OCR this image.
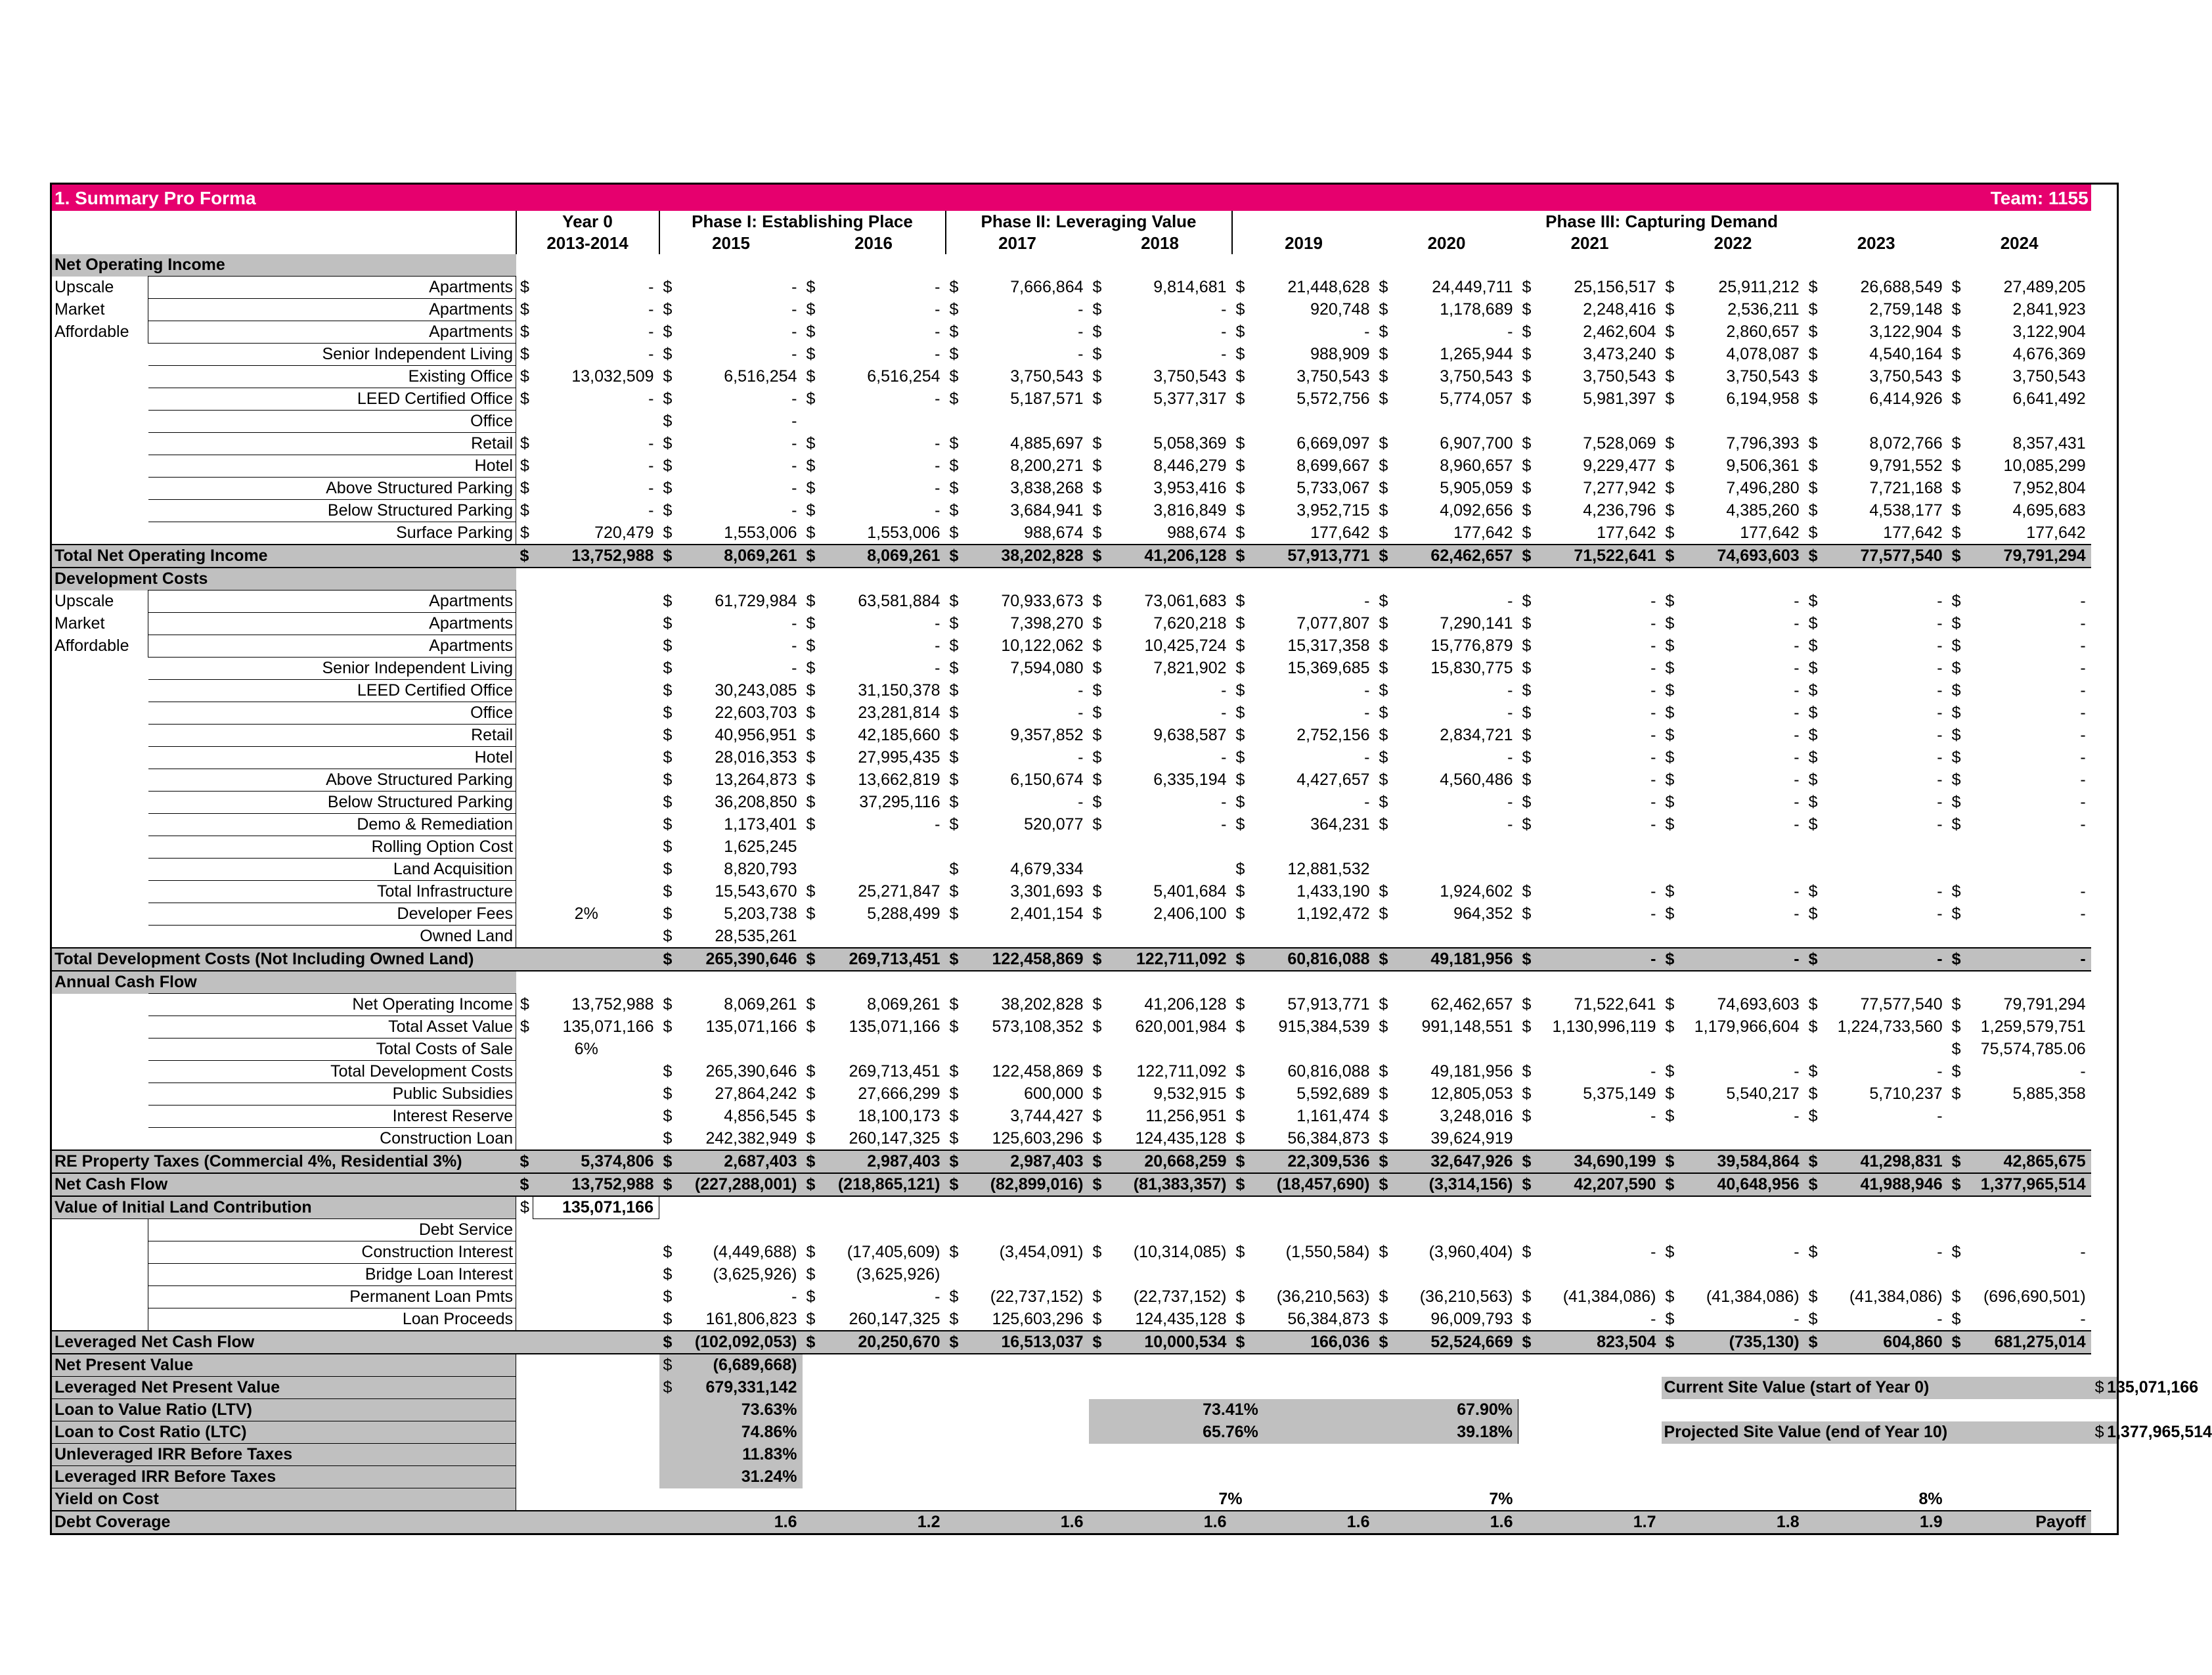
1. Summary Pro Forma																				Team: 1155					
		Year 0		Phase I: Establishing Place				Phase II: Leveraging Value				Phase III: Capturing Demand													
		2013-2014		2015		2016		2017		2018		2019		2020		2021		2022		2023		2024			
Net Operating Income																									
Upscale	Apartments	$	-	$	-	$	-	$	7,666,864	$	9,814,681	$	21,448,628	$	24,449,711	$	25,156,517	$	25,911,212	$	26,688,549	$	27,489,205		
Market	Apartments	$	-	$	-	$	-	$	-	$	-	$	920,748	$	1,178,689	$	2,248,416	$	2,536,211	$	2,759,148	$	2,841,923		
Affordable	Apartments	$	-	$	-	$	-	$	-	$	-	$	-	$	-	$	2,462,604	$	2,860,657	$	3,122,904	$	3,122,904		
	Senior Independent Living	$	-	$	-	$	-	$	-	$	-	$	988,909	$	1,265,944	$	3,473,240	$	4,078,087	$	4,540,164	$	4,676,369		
	Existing Office	$	13,032,509	$	6,516,254	$	6,516,254	$	3,750,543	$	3,750,543	$	3,750,543	$	3,750,543	$	3,750,543	$	3,750,543	$	3,750,543	$	3,750,543		
	LEED Certified Office	$	-	$	-	$	-	$	5,187,571	$	5,377,317	$	5,572,756	$	5,774,057	$	5,981,397	$	6,194,958	$	6,414,926	$	6,641,492		
	Office			$	-																				
	Retail	$	-	$	-	$	-	$	4,885,697	$	5,058,369	$	6,669,097	$	6,907,700	$	7,528,069	$	7,796,393	$	8,072,766	$	8,357,431		
	Hotel	$	-	$	-	$	-	$	8,200,271	$	8,446,279	$	8,699,667	$	8,960,657	$	9,229,477	$	9,506,361	$	9,791,552	$	10,085,299		
	Above Structured Parking	$	-	$	-	$	-	$	3,838,268	$	3,953,416	$	5,733,067	$	5,905,059	$	7,277,942	$	7,496,280	$	7,721,168	$	7,952,804		
	Below Structured Parking	$	-	$	-	$	-	$	3,684,941	$	3,816,849	$	3,952,715	$	4,092,656	$	4,236,796	$	4,385,260	$	4,538,177	$	4,695,683		
	Surface Parking	$	720,479	$	1,553,006	$	1,553,006	$	988,674	$	988,674	$	177,642	$	177,642	$	177,642	$	177,642	$	177,642	$	177,642		
Total Net Operating Income		$	13,752,988	$	8,069,261	$	8,069,261	$	38,202,828	$	41,206,128	$	57,913,771	$	62,462,657	$	71,522,641	$	74,693,603	$	77,577,540	$	79,791,294		
Development Costs																									
Upscale	Apartments			$	61,729,984	$	63,581,884	$	70,933,673	$	73,061,683	$	-	$	-	$	-	$	-	$	-	$	-		
Market	Apartments			$	-	$	-	$	7,398,270	$	7,620,218	$	7,077,807	$	7,290,141	$	-	$	-	$	-	$	-		
Affordable	Apartments			$	-	$	-	$	10,122,062	$	10,425,724	$	15,317,358	$	15,776,879	$	-	$	-	$	-	$	-		
	Senior Independent Living			$	-	$	-	$	7,594,080	$	7,821,902	$	15,369,685	$	15,830,775	$	-	$	-	$	-	$	-		
	LEED Certified Office			$	30,243,085	$	31,150,378	$	-	$	-	$	-	$	-	$	-	$	-	$	-	$	-		
	Office			$	22,603,703	$	23,281,814	$	-	$	-	$	-	$	-	$	-	$	-	$	-	$	-		
	Retail			$	40,956,951	$	42,185,660	$	9,357,852	$	9,638,587	$	2,752,156	$	2,834,721	$	-	$	-	$	-	$	-		
	Hotel			$	28,016,353	$	27,995,435	$	-	$	-	$	-	$	-	$	-	$	-	$	-	$	-		
	Above Structured Parking			$	13,264,873	$	13,662,819	$	6,150,674	$	6,335,194	$	4,427,657	$	4,560,486	$	-	$	-	$	-	$	-		
	Below Structured Parking			$	36,208,850	$	37,295,116	$	-	$	-	$	-	$	-	$	-	$	-	$	-	$	-		
	Demo & Remediation			$	1,173,401	$	-	$	520,077	$	-	$	364,231	$	-	$	-	$	-	$	-	$	-		
	Rolling Option Cost			$	1,625,245																				
	Land Acquisition			$	8,820,793			$	4,679,334			$	12,881,532												
	Total Infrastructure			$	15,543,670	$	25,271,847	$	3,301,693	$	5,401,684	$	1,433,190	$	1,924,602	$	-	$	-	$	-	$	-		
	Developer Fees	2%		$	5,203,738	$	5,288,499	$	2,401,154	$	2,406,100	$	1,192,472	$	964,352	$	-	$	-	$	-	$	-		
	Owned Land			$	28,535,261																				
Total Development Costs (Not Including Owned Land)				$	265,390,646	$	269,713,451	$	122,458,869	$	122,711,092	$	60,816,088	$	49,181,956	$	-	$	-	$	-	$	-		
Annual Cash Flow																									
	Net Operating Income	$	13,752,988	$	8,069,261	$	8,069,261	$	38,202,828	$	41,206,128	$	57,913,771	$	62,462,657	$	71,522,641	$	74,693,603	$	77,577,540	$	79,791,294		
	Total Asset Value	$	135,071,166	$	135,071,166	$	135,071,166	$	573,108,352	$	620,001,984	$	915,384,539	$	991,148,551	$	1,130,996,119	$	1,179,966,604	$	1,224,733,560	$	1,259,579,751		
	Total Costs of Sale	6%																				$	75,574,785.06		
	Total Development Costs			$	265,390,646	$	269,713,451	$	122,458,869	$	122,711,092	$	60,816,088	$	49,181,956	$	-	$	-	$	-	$	-		
	Public Subsidies			$	27,864,242	$	27,666,299	$	600,000	$	9,532,915	$	5,592,689	$	12,805,053	$	5,375,149	$	5,540,217	$	5,710,237	$	5,885,358		
	Interest Reserve			$	4,856,545	$	18,100,173	$	3,744,427	$	11,256,951	$	1,161,474	$	3,248,016	$	-	$	-	$	-				
	Construction Loan			$	242,382,949	$	260,147,325	$	125,603,296	$	124,435,128	$	56,384,873	$	39,624,919										
RE Property Taxes (Commercial 4%, Residential 3%)		$	5,374,806	$	2,687,403	$	2,987,403	$	2,987,403	$	20,668,259	$	22,309,536	$	32,647,926	$	34,690,199	$	39,584,864	$	41,298,831	$	42,865,675		
Net Cash Flow		$	13,752,988	$	(227,288,001)	$	(218,865,121)	$	(82,899,016)	$	(81,383,357)	$	(18,457,690)	$	(3,314,156)	$	42,207,590	$	40,648,956	$	41,988,946	$	1,377,965,514		
Value of Initial Land Contribution		$	135,071,166																						
	Debt Service																								
	Construction Interest			$	(4,449,688)	$	(17,405,609)	$	(3,454,091)	$	(10,314,085)	$	(1,550,584)	$	(3,960,404)	$	-	$	-	$	-	$	-		
	Bridge Loan Interest			$	(3,625,926)	$	(3,625,926)																		
	Permanent Loan Pmts			$	-	$	-	$	(22,737,152)	$	(22,737,152)	$	(36,210,563)	$	(36,210,563)	$	(41,384,086)	$	(41,384,086)	$	(41,384,086)	$	(696,690,501)		
	Loan Proceeds			$	161,806,823	$	260,147,325	$	125,603,296	$	124,435,128	$	56,384,873	$	96,009,793	$	-	$	-	$	-	$	-		
Leveraged Net Cash Flow				$	(102,092,053)	$	20,250,670	$	16,513,037	$	10,000,534	$	166,036	$	52,524,669	$	823,504	$	(735,130)	$	604,860	$	681,275,014		
Net Present Value				$	(6,689,668)																				
Leveraged Net Present Value				$	679,331,142													Current Site Value (start of Year 0)						$	135,071,166
Loan to Value Ratio (LTV)					73.63%					73.41%				67.90%											
Loan to Cost Ratio (LTC)					74.86%					65.76%				39.18%				Projected Site Value (end of Year 10)						$	1,377,965,514
Unleveraged IRR Before Taxes					11.83%																				
Leveraged IRR Before Taxes					31.24%																				
Yield on Cost										7%				7%				8%							
Debt Coverage				1.6		1.2		1.6		1.6		1.6		1.6		1.7		1.8		1.9		Payoff			
